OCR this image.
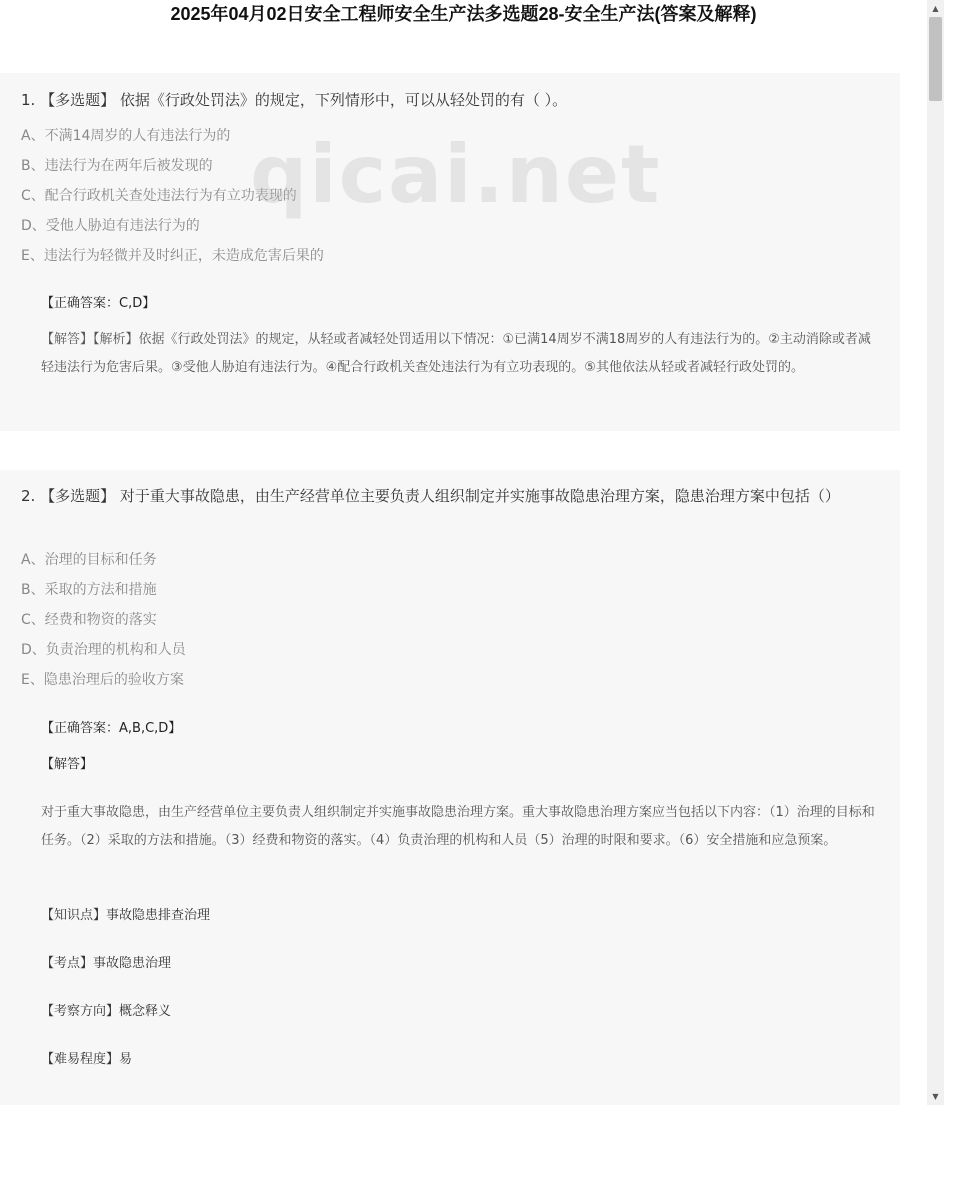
2025年04月02日安全工程师安全生产法多选题28-安全生产法(答案及解释)
1. 【多选题】 依据《行政处罚法》的规定，下列情形中，可以从轻处罚的有（ ）。
A、不满14周岁的人有违法行为的
B、违法行为在两年后被发现的
C、配合行政机关查处违法行为有立功表现的
D、受他人胁迫有违法行为的
E、违法行为轻微并及时纠正，未造成危害后果的
【正确答案：C,D】
【解答】【解析】依据《行政处罚法》的规定，从轻或者减轻处罚适用以下情况：①已满14周岁不满18周岁的人有违法行为的。②主动消除或者减轻违法行为危害后果。③受他人胁迫有违法行为。④配合行政机关查处违法行为有立功表现的。⑤其他依法从轻或者减轻行政处罚的。
qicai.net
2. 【多选题】 对于重大事故隐患，由生产经营单位主要负责人组织制定并实施事故隐患治理方案，隐患治理方案中包括（）
A、治理的目标和任务
B、采取的方法和措施
C、经费和物资的落实
D、负责治理的机构和人员
E、隐患治理后的验收方案
【正确答案：A,B,C,D】
【解答】
对于重大事故隐患，由生产经营单位主要负责人组织制定并实施事故隐患治理方案。重大事故隐患治理方案应当包括以下内容：（1）治理的目标和任务。（2）采取的方法和措施。（3）经费和物资的落实。（4）负责治理的机构和人员（5）治理的时限和要求。（6）安全措施和应急预案。
【知识点】事故隐患排查治理
【考点】事故隐患治理
【考察方向】概念释义
【难易程度】易
▲
▼
